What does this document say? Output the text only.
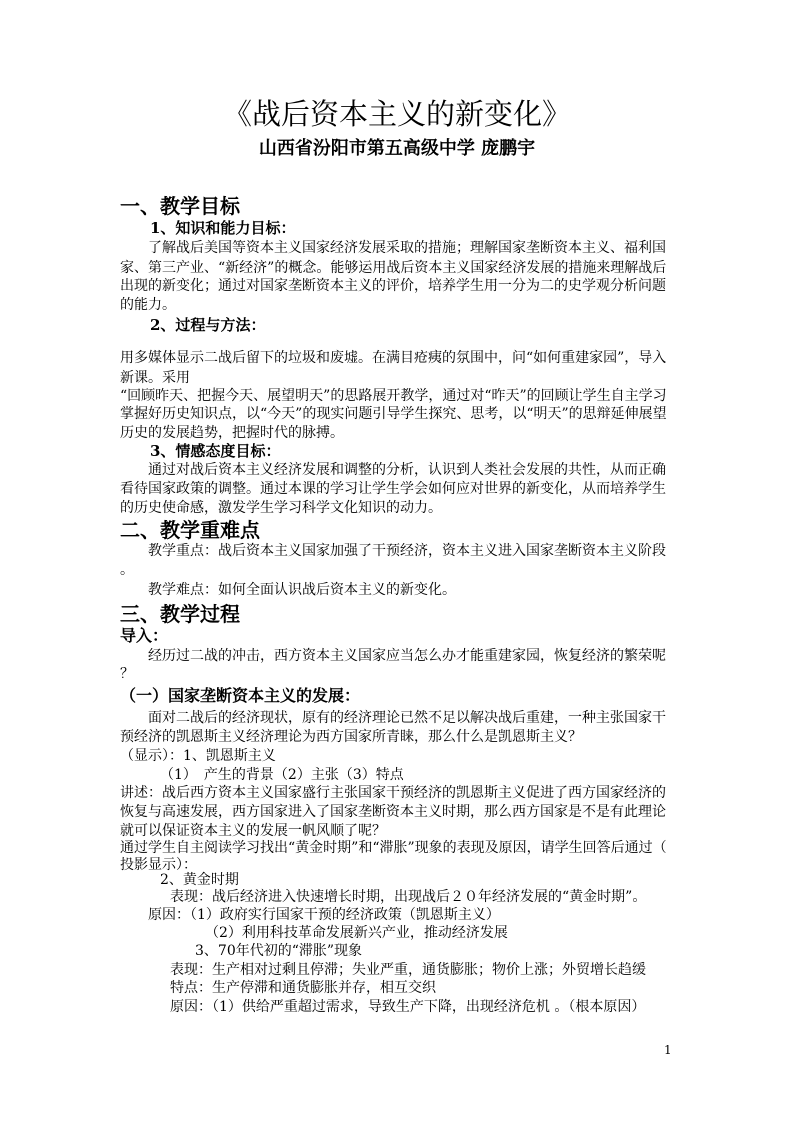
《战后资本主义的新变化》
山西省汾阳市第五高级中学 庞鹏宇
一、教学目标
1、知识和能力目标：
了解战后美国等资本主义国家经济发展采取的措施；理解国家垄断资本主义、福利国
家、第三产业、“新经济”的概念。能够运用战后资本主义国家经济发展的措施来理解战后
出现的新变化；通过对国家垄断资本主义的评价，培养学生用一分为二的史学观分析问题
的能力。
2、过程与方法：
用多媒体显示二战后留下的垃圾和废墟。在满目疮痍的氛围中，问“如何重建家园”，导入
新课。采用
“回顾昨天、把握今天、展望明天”的思路展开教学，通过对“昨天”的回顾让学生自主学习
掌握好历史知识点，以“今天”的现实问题引导学生探究、思考，以“明天”的思辩延伸展望
历史的发展趋势，把握时代的脉搏。
3、情感态度目标：
通过对战后资本主义经济发展和调整的分析，认识到人类社会发展的共性，从而正确
看待国家政策的调整。通过本课的学习让学生学会如何应对世界的新变化，从而培养学生
的历史使命感，激发学生学习科学文化知识的动力。
二、教学重难点
教学重点：战后资本主义国家加强了干预经济，资本主义进入国家垄断资本主义阶段
。
教学难点：如何全面认识战后资本主义的新变化。
三、教学过程
导入：
经历过二战的冲击，西方资本主义国家应当怎么办才能重建家园，恢复经济的繁荣呢
？
（一）国家垄断资本主义的发展：
面对二战后的经济现状，原有的经济理论已然不足以解决战后重建，一种主张国家干
预经济的凯恩斯主义经济理论为西方国家所青睐，那么什么是凯恩斯主义？
（显示）：1、凯恩斯主义
（1）　产生的背景（2）主张（3）特点
讲述：战后西方资本主义国家盛行主张国家干预经济的凯恩斯主义促进了西方国家经济的
恢复与高速发展，西方国家进入了国家垄断资本主义时期，那么西方国家是不是有此理论
就可以保证资本主义的发展一帆风顺了呢？
通过学生自主阅读学习找出“黄金时期”和“滞胀”现象的表现及原因，请学生回答后通过（
投影显示）：
2、黄金时期
表现：战后经济进入快速增长时期，出现战后２０年经济发展的“黄金时期”。
原因：（1）政府实行国家干预的经济政策（凯恩斯主义）
（2）利用科技革命发展新兴产业，推动经济发展
3、70年代初的“滞胀”现象
表现：生产相对过剩且停滞；失业严重，通货膨胀；物价上涨；外贸增长趋缓
特点：生产停滞和通货膨胀并存，相互交织
原因：（1）供给严重超过需求，导致生产下降，出现经济危机 。（根本原因）
1
